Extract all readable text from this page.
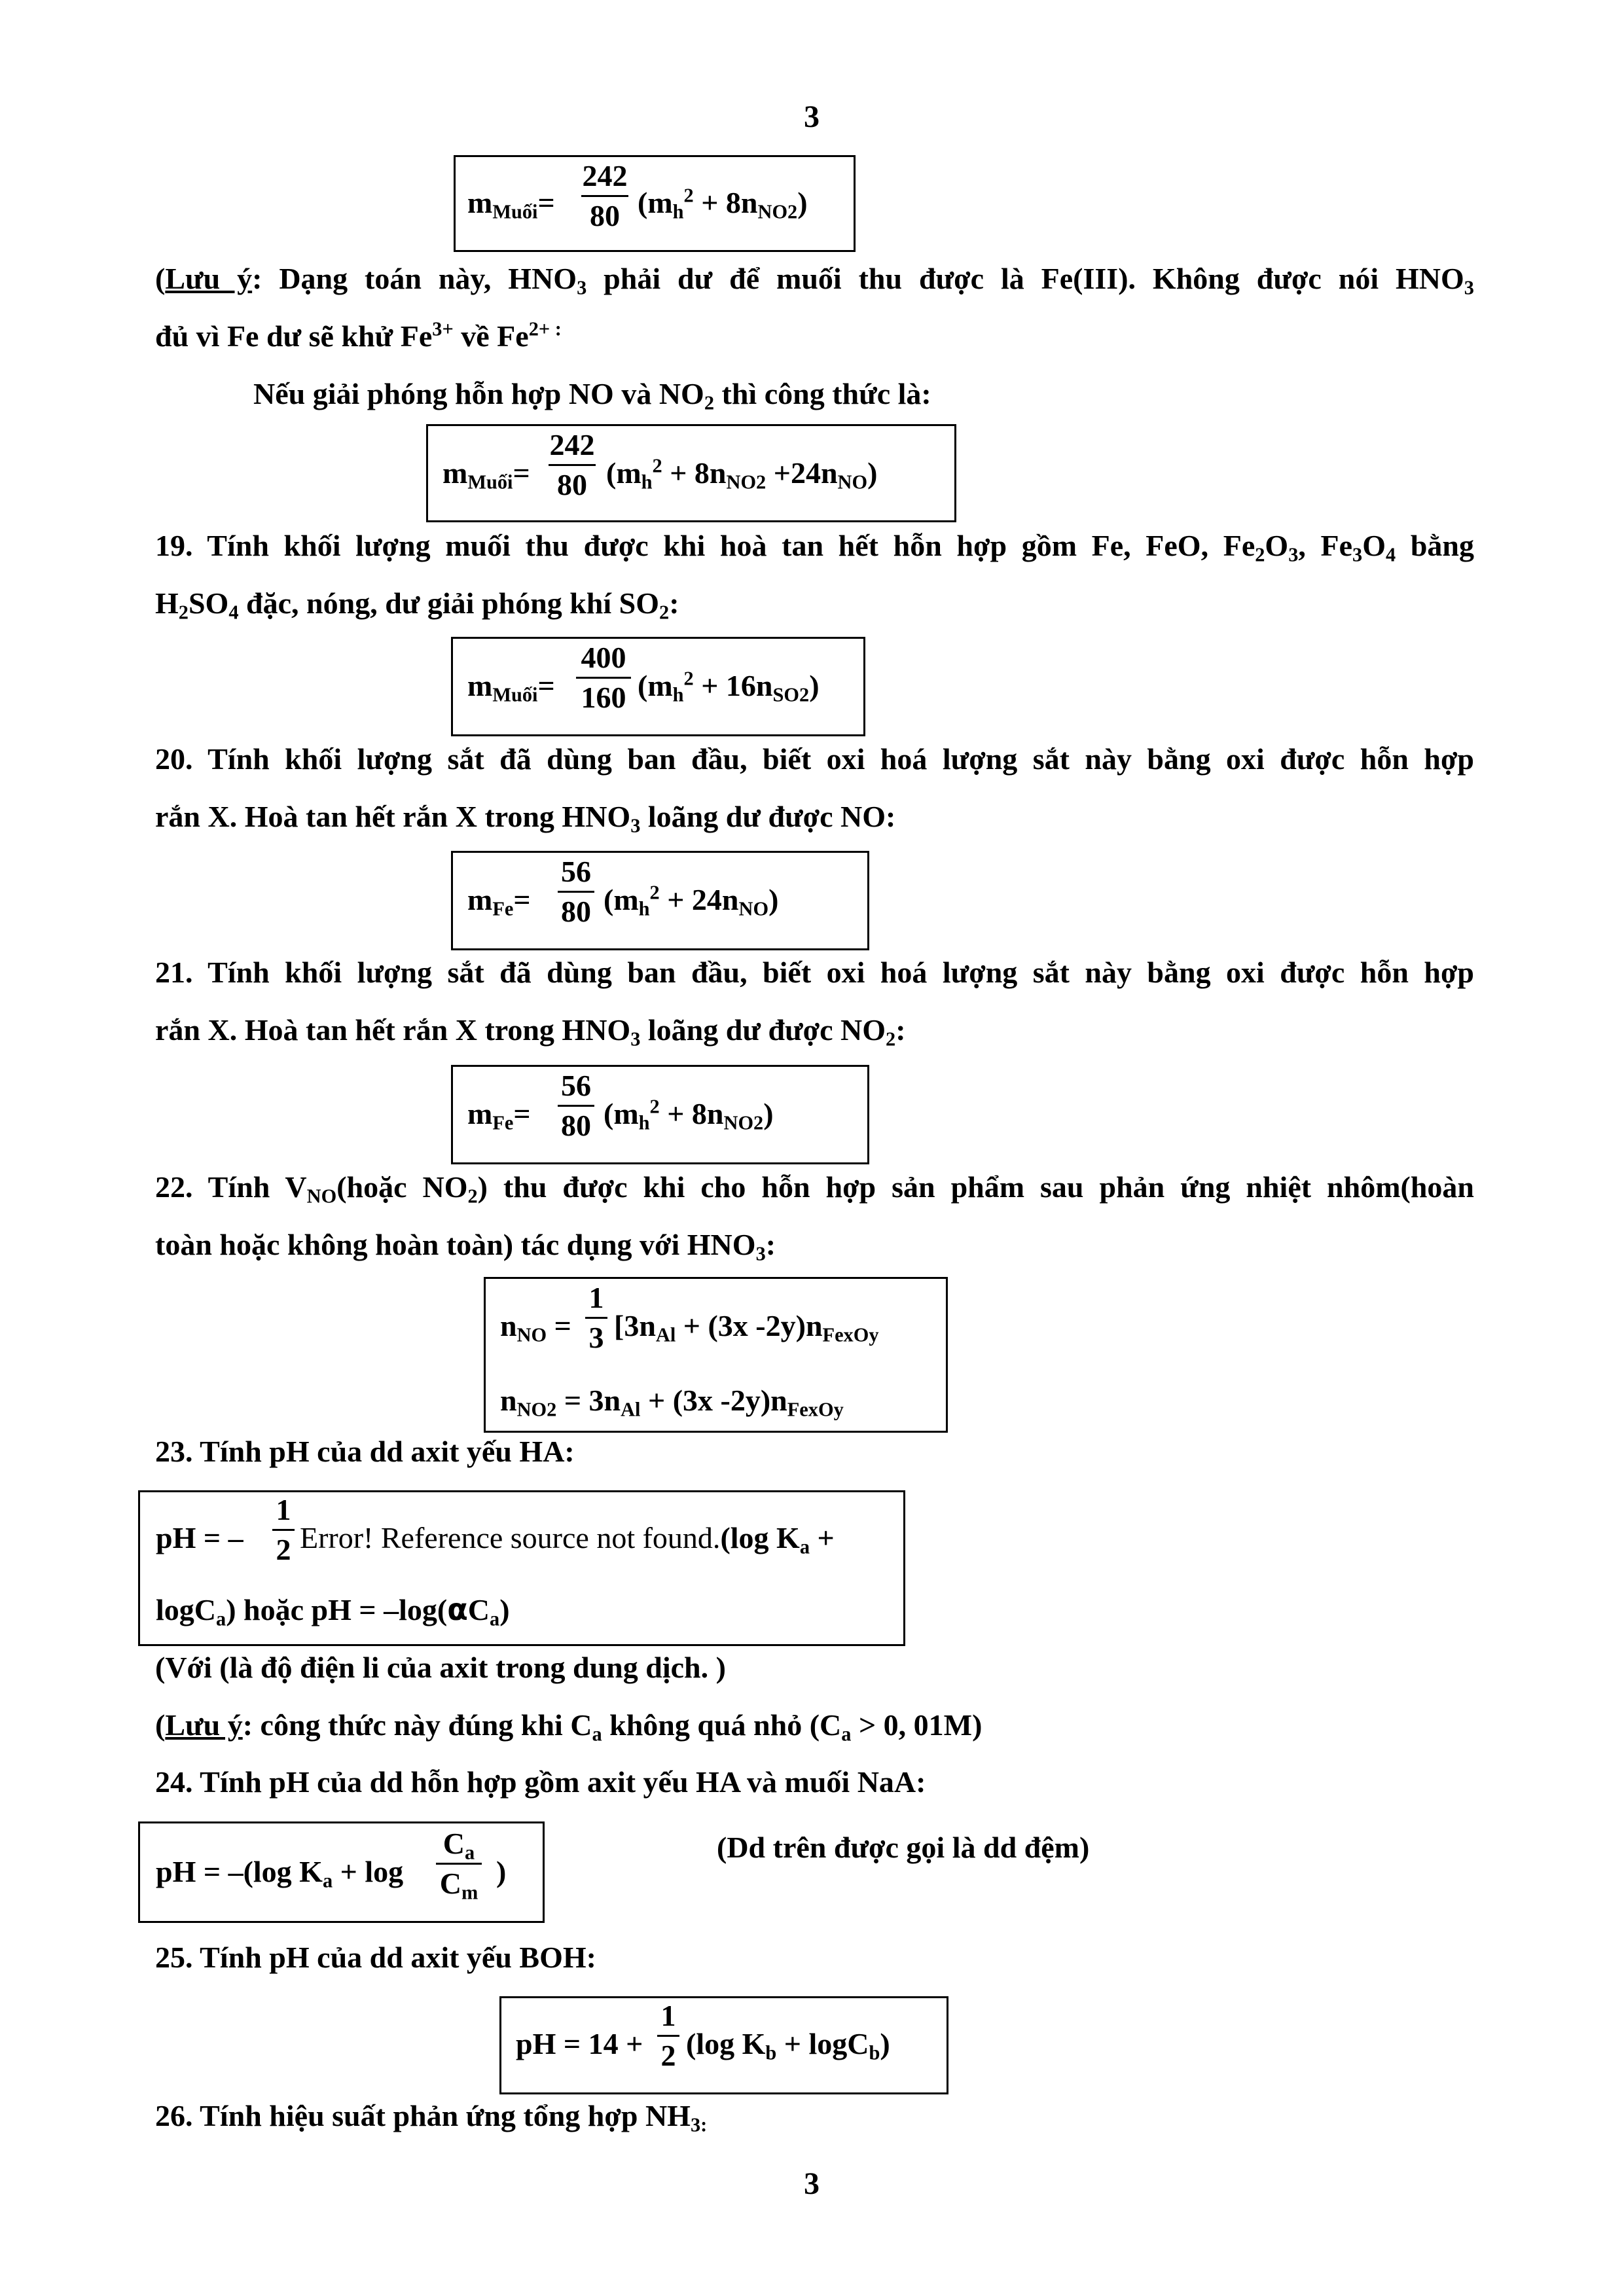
3
$m_{Muối}=$
242
80 $(m_h^2 + 8n_{NO2})$
(Lưu ý: Dạng toán này, $HNO_3$ phải dư để muối thu được là Fe(III). Không được nói $HNO_3$
đủ vì Fe dư sẽ khử $Fe^{3+}$ về $Fe^{2+ :}$
Nếu giải phóng hỗn hợp NO và $NO_2$ thì công thức là:
$m_{Muối}=$
242
80 $(m_h^2 + 8n_{NO2} +24n_{NO})$
19. Tính khối lượng muối thu được khi hoà tan hết hỗn hợp gồm Fe, FeO, $Fe_2O_3$, $Fe_3O_4$ bằng
$H_2SO_4$ đặc, nóng, dư giải phóng khí $SO_2$:
$m_{Muối}=$
400
160 $(m_h^2 + 16n_{SO2})$
20. Tính khối lượng sắt đã dùng ban đầu, biết oxi hoá lượng sắt này bằng oxi được hỗn hợp
rắn X. Hoà tan hết rắn X trong $HNO_3$ loãng dư được NO:
$m_{Fe}=$
56
80 $(m_h^2 + 24n_{NO})$
21. Tính khối lượng sắt đã dùng ban đầu, biết oxi hoá lượng sắt này bằng oxi được hỗn hợp
rắn X. Hoà tan hết rắn X trong $HNO_3$ loãng dư được $NO_2$:
$m_{Fe}=$
56
80 $(m_h^2 + 8n_{NO2})$
22. Tính $V_{NO}(hoặc$ $NO_2$) thu được khi cho hỗn hợp sản phẩm sau phản ứng nhiệt nhôm(hoàn
toàn hoặc không hoàn toàn) tác dụng với $HNO_3$:
$n_{NO}$ =
1
3 [$3n_{Al} + (3x$ $-2y)n_{FexOy}$
$n_{NO2} = 3n_{Al} + (3x$ $-2y)n_{FexOy}$
23. Tính pH của dd axit yếu HA:
pH = –
1
2 Error! Reference source not found.(log $K_a$ +
logC$_a$) hoặc pH = $-\log(\alpha C_a)$
(Với (là độ điện li của axit trong dung dịch. )
(Lưu ý: công thức này đúng khi $C_a$ không quá nhỏ ($C_a > 0$, 01M)
24. Tính pH của dd hỗn hợp gồm axit yếu HA và muối NaA:
pH = –(log $K_a + \log$
$C_a$
$C_m$
)
(Dd trên được gọi là dd đệm)
25. Tính pH của dd axit yếu BOH:
pH = 14 +
1
2 (log $K_b + \log C_b$)
26. Tính hiệu suất phản ứng tổng hợp $NH_{3:}$
3
